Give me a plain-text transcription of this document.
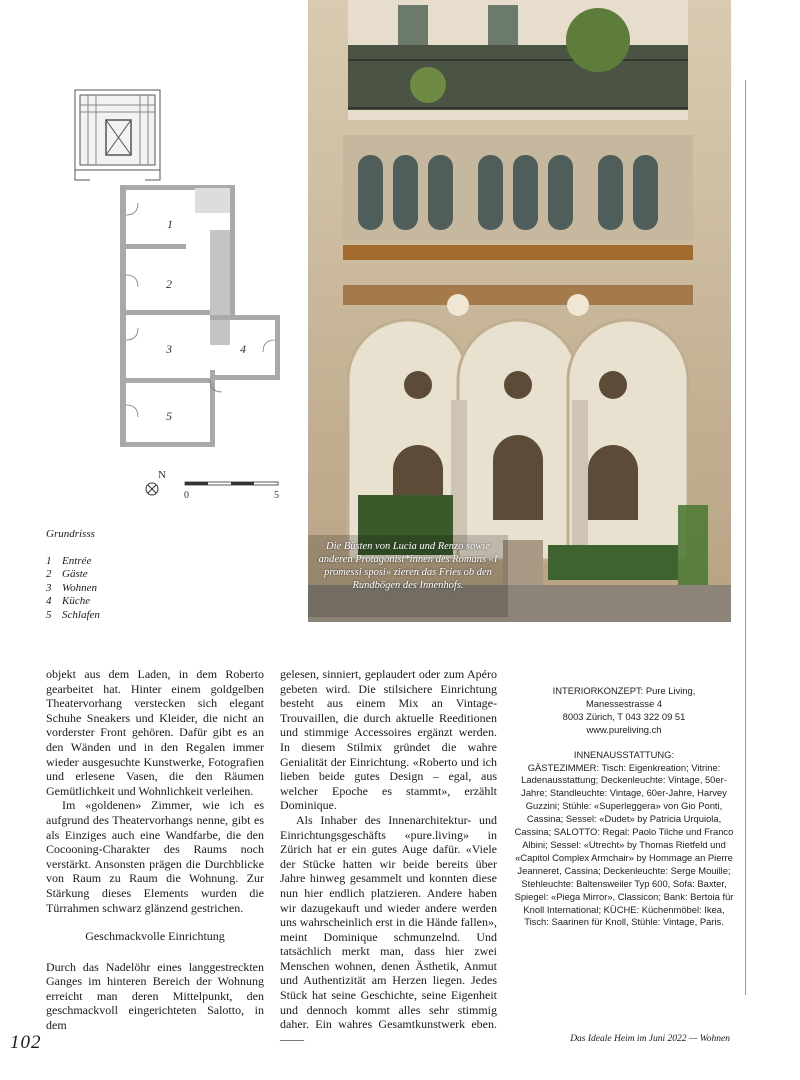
1
2
3	4
5
N
0	5
Die Büsten von Lucia und Renzo sowie anderen Protagonist*innen des Romans «I promessi sposi» zieren das Fries ob den Rundbögen des Innenhofs.
Grundrisss
1 Entrée
2 Gäste
3 Wohnen
4 Küche
5 Schlafen

objekt aus dem Laden, in dem Roberto gearbeitet hat. Hinter einem goldgelben Theatervorhang verstecken sich elegant Schuhe Sneakers und Kleider, die nicht an vorderster Front gehören. Dafür gibt es an den Wänden und in den Regalen immer wieder ausgesuchte Kunstwerke, Fotografien und erlesene Vasen, die den Räumen Gemütlichkeit und Wohnlichkeit verleihen.

Im «goldenen» Zimmer, wie ich es aufgrund des Theatervorhangs nenne, gibt es als Einziges auch eine Wandfarbe, die den Cocooning-Charakter des Raums noch verstärkt. Ansonsten prägen die Durchblicke von Raum zu Raum die Wohnung. Zur Stärkung dieses Elements wurden die Türrahmen schwarz glänzend gestrichen.

Geschmackvolle Einrichtung

Durch das Nadelöhr eines langgestreckten Ganges im hinteren Bereich der Wohnung erreicht man deren Mittelpunkt, den geschmackvoll eingerichteten Salotto, in dem

gelesen, sinniert, geplaudert oder zum Apéro gebeten wird. Die stilsichere Einrichtung besteht aus einem Mix an Vintage-Trouvaillen, die durch aktuelle Reeditionen und stimmige Accessoires ergänzt werden. In diesem Stilmix gründet die wahre Genialität der Einrichtung. «Roberto und ich lieben beide gutes Design – egal, aus welcher Epoche es stammt», erzählt Dominique.

Als Inhaber des Innenarchitektur- und Einrichtungsgeschäfts «pure.living» in Zürich hat er ein gutes Auge dafür. «Viele der Stücke hatten wir beide bereits über Jahre hinweg gesammelt und konnten diese nun hier endlich platzieren. Andere haben wir dazugekauft und wieder andere werden uns wahrscheinlich erst in die Hände fallen», meint Dominique schmunzelnd. Und tatsächlich merkt man, dass hier zwei Menschen wohnen, denen Ästhetik, Anmut und Authentizität am Herzen liegen. Jedes Stück hat seine Geschichte, seine Eigenheit und dennoch kommt alles sehr stimmig daher. Ein wahres Gesamtkunstwerk eben. ——

INTERIORKONZEPT: Pure Living,
Manessestrasse 4
8003 Zürich, T 043 322 09 51
www.pureliving.ch
INNENAUSSTATTUNG:
GÄSTEZIMMER: Tisch: Eigenkreation; Vitrine: Ladenausstattung; Deckenleuchte: Vintage, 50er-Jahre; Standleuchte: Vintage, 60er-Jahre, Harvey Guzzini; Stühle: «Superleggera» von Gio Ponti, Cassina; Sessel: «Dudet» by Patricia Urquiola, Cassina; SALOTTO: Regal: Paolo Tilche und Franco Albini; Sessel: «Utrecht» by Thomas Rietfeld und «Capitol Complex Armchair» by Hommage an Pierre Jeanneret, Cassina; Deckenleuchte: Serge Mouille; Stehleuchte: Baltensweiler Typ 600, Sofa: Baxter, Spiegel: «Piega Mirror», Classicon; Bank: Bertoia für Knoll International; KÜCHE: Küchenmöbel: Ikea, Tisch: Saarinen für Knoll, Stühle: Vintage, Paris.
102	Das Ideale Heim im Juni 2022 — Wohnen
